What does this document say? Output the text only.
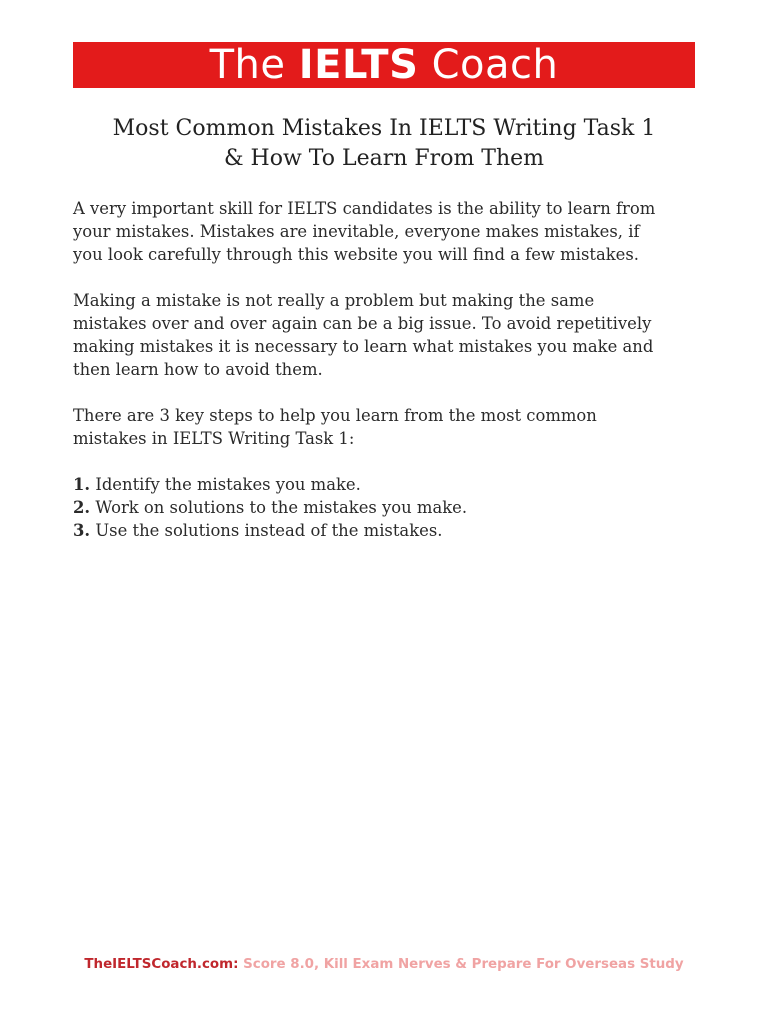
The IELTS Coach
Most Common Mistakes In IELTS Writing Task 1
& How To Learn From Them

A very important skill for IELTS candidates is the ability to learn from
your mistakes. Mistakes are inevitable, everyone makes mistakes, if
you look carefully through this website you will find a few mistakes.

Making a mistake is not really a problem but making the same
mistakes over and over again can be a big issue. To avoid repetitively
making mistakes it is necessary to learn what mistakes you make and
then learn how to avoid them.

There are 3 key steps to help you learn from the most common
mistakes in IELTS Writing Task 1:

1. Identify the mistakes you make.
2. Work on solutions to the mistakes you make.
3. Use the solutions instead of the mistakes.
TheIELTSCoach.com: Score 8.0, Kill Exam Nerves & Prepare For Overseas Study
